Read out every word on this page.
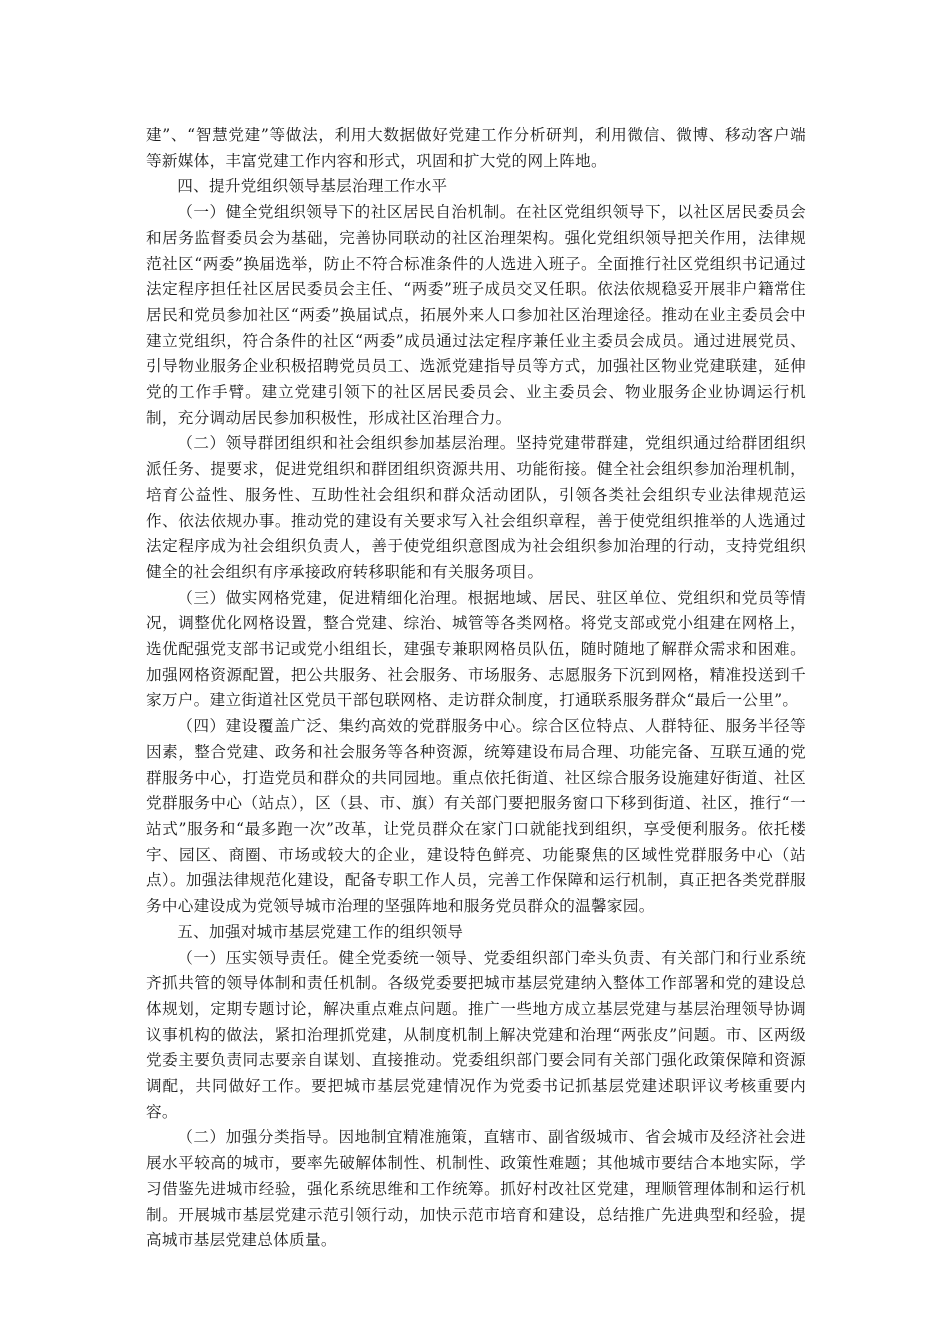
建”、“智慧党建”等做法，利用大数据做好党建工作分析研判，利用微信、微博、移动客户端等新媒体，丰富党建工作内容和形式，巩固和扩大党的网上阵地。

四、提升党组织领导基层治理工作水平

（一）健全党组织领导下的社区居民自治机制。在社区党组织领导下，以社区居民委员会和居务监督委员会为基础，完善协同联动的社区治理架构。强化党组织领导把关作用，法律规范社区“两委”换届选举，防止不符合标准条件的人选进入班子。全面推行社区党组织书记通过法定程序担任社区居民委员会主任、“两委”班子成员交叉任职。依法依规稳妥开展非户籍常住居民和党员参加社区“两委”换届试点，拓展外来人口参加社区治理途径。推动在业主委员会中建立党组织，符合条件的社区“两委”成员通过法定程序兼任业主委员会成员。通过进展党员、引导物业服务企业积极招聘党员员工、选派党建指导员等方式，加强社区物业党建联建，延伸党的工作手臂。建立党建引领下的社区居民委员会、业主委员会、物业服务企业协调运行机制，充分调动居民参加积极性，形成社区治理合力。

（二）领导群团组织和社会组织参加基层治理。坚持党建带群建，党组织通过给群团组织派任务、提要求，促进党组织和群团组织资源共用、功能衔接。健全社会组织参加治理机制，培育公益性、服务性、互助性社会组织和群众活动团队，引领各类社会组织专业法律规范运作、依法依规办事。推动党的建设有关要求写入社会组织章程，善于使党组织推举的人选通过法定程序成为社会组织负责人，善于使党组织意图成为社会组织参加治理的行动，支持党组织健全的社会组织有序承接政府转移职能和有关服务项目。

（三）做实网格党建，促进精细化治理。根据地域、居民、驻区单位、党组织和党员等情况，调整优化网格设置，整合党建、综治、城管等各类网格。将党支部或党小组建在网格上，选优配强党支部书记或党小组组长，建强专兼职网格员队伍，随时随地了解群众需求和困难。加强网格资源配置，把公共服务、社会服务、市场服务、志愿服务下沉到网格，精准投送到千家万户。建立街道社区党员干部包联网格、走访群众制度，打通联系服务群众“最后一公里”。

（四）建设覆盖广泛、集约高效的党群服务中心。综合区位特点、人群特征、服务半径等因素，整合党建、政务和社会服务等各种资源，统筹建设布局合理、功能完备、互联互通的党群服务中心，打造党员和群众的共同园地。重点依托街道、社区综合服务设施建好街道、社区党群服务中心（站点），区（县、市、旗）有关部门要把服务窗口下移到街道、社区，推行“一站式”服务和“最多跑一次”改革，让党员群众在家门口就能找到组织，享受便利服务。依托楼宇、园区、商圈、市场或较大的企业，建设特色鲜亮、功能聚焦的区域性党群服务中心（站点）。加强法律规范化建设，配备专职工作人员，完善工作保障和运行机制，真正把各类党群服务中心建设成为党领导城市治理的坚强阵地和服务党员群众的温馨家园。

五、加强对城市基层党建工作的组织领导

（一）压实领导责任。健全党委统一领导、党委组织部门牵头负责、有关部门和行业系统齐抓共管的领导体制和责任机制。各级党委要把城市基层党建纳入整体工作部署和党的建设总体规划，定期专题讨论，解决重点难点问题。推广一些地方成立基层党建与基层治理领导协调议事机构的做法，紧扣治理抓党建，从制度机制上解决党建和治理“两张皮”问题。市、区两级党委主要负责同志要亲自谋划、直接推动。党委组织部门要会同有关部门强化政策保障和资源调配，共同做好工作。要把城市基层党建情况作为党委书记抓基层党建述职评议考核重要内容。

（二）加强分类指导。因地制宜精准施策，直辖市、副省级城市、省会城市及经济社会进展水平较高的城市，要率先破解体制性、机制性、政策性难题；其他城市要结合本地实际，学习借鉴先进城市经验，强化系统思维和工作统筹。抓好村改社区党建，理顺管理体制和运行机制。开展城市基层党建示范引领行动，加快示范市培育和建设，总结推广先进典型和经验，提高城市基层党建总体质量。
